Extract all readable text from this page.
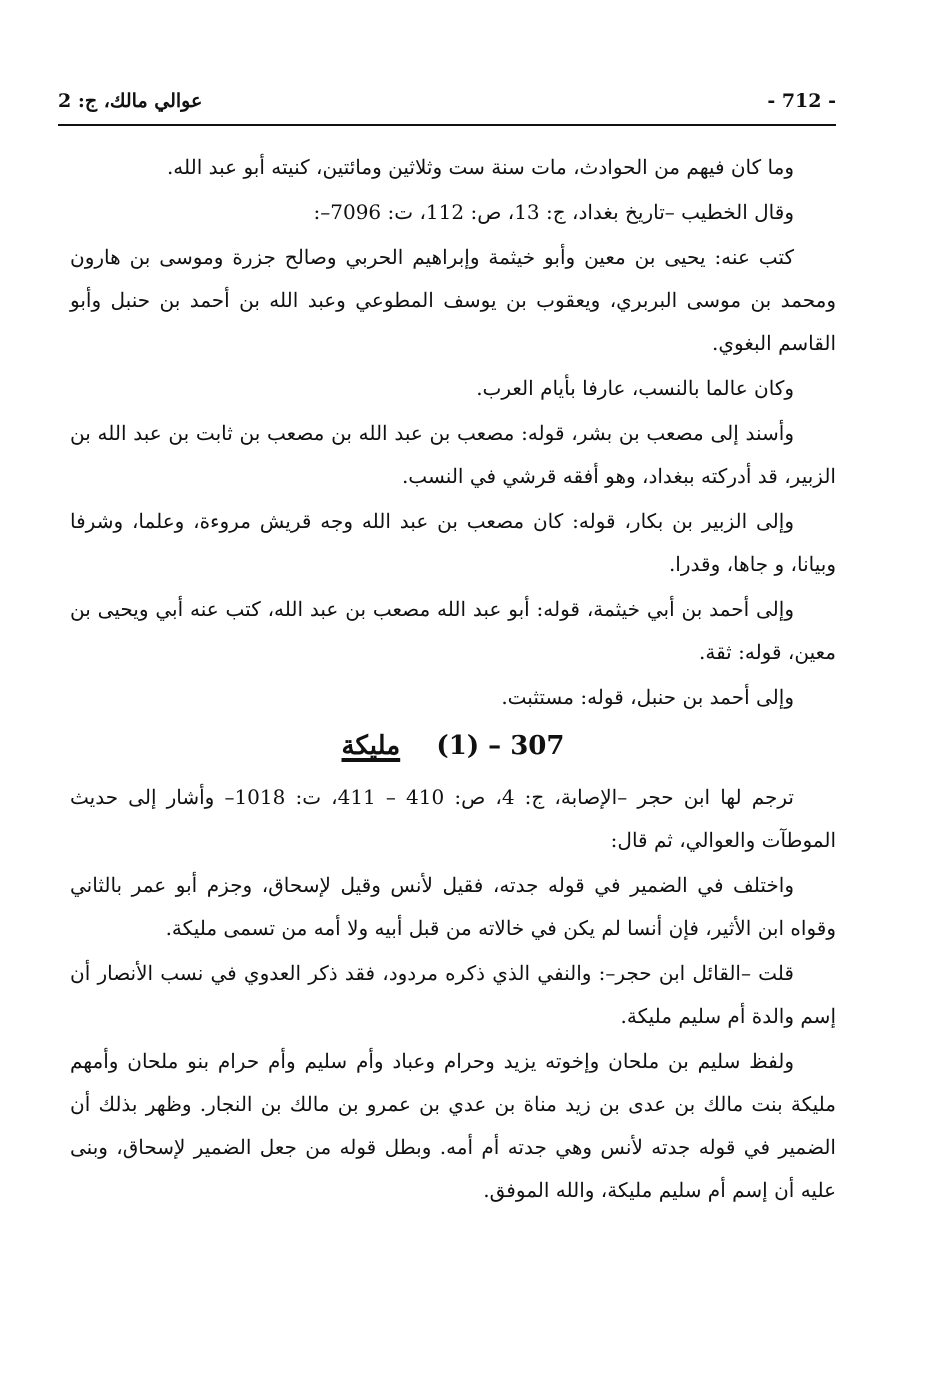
عوالي مالك، ج: 2	- 712 -

وما كان فيهم من الحوادث، مات سنة ست وثلاثين ومائتين، كنيته أبو عبد الله.

وقال الخطيب –تاريخ بغداد، ج: 13، ص: 112، ت: 7096–:

كتب عنه: يحيى بن معين وأبو خيثمة وإبراهيم الحربي وصالح جزرة وموسى بن هارون ومحمد بن موسى البربري، ويعقوب بن يوسف المطوعي وعبد الله بن أحمد بن حنبل وأبو القاسم البغوي.

وكان عالما بالنسب، عارفا بأيام العرب.

وأسند إلى مصعب بن بشر، قوله: مصعب بن عبد الله بن مصعب بن ثابت بن عبد الله بن الزبير، قد أدركته ببغداد، وهو أفقه قرشي في النسب.

وإلى الزبير بن بكار، قوله: كان مصعب بن عبد الله وجه قريش مروءة، وعلما، وشرفا وبيانا، و جاها، وقدرا.

وإلى أحمد بن أبي خيثمة، قوله: أبو عبد الله مصعب بن عبد الله، كتب عنه أبي ويحيى بن معين، قوله: ثقة.

وإلى أحمد بن حنبل، قوله: مستثبت.

307 – (1)    مليكة

ترجم لها ابن حجر –الإصابة، ج: 4، ص: 410 – 411، ت: 1018– وأشار إلى حديث الموطآت والعوالي، ثم قال:

واختلف في الضمير في قوله جدته، فقيل لأنس وقيل لإسحاق، وجزم أبو عمر بالثاني وقواه ابن الأثير، فإن أنسا لم يكن في خالاته من قبل أبيه ولا أمه من تسمى مليكة.

قلت –القائل ابن حجر–: والنفي الذي ذكره مردود، فقد ذكر العدوي في نسب الأنصار أن إسم والدة أم سليم مليكة.

ولفظ سليم بن ملحان وإخوته يزيد وحرام وعباد وأم سليم وأم حرام بنو ملحان وأمهم مليكة بنت مالك بن عدى بن زيد مناة بن عدي بن عمرو بن مالك بن النجار. وظهر بذلك أن الضمير في قوله جدته لأنس وهي جدته أم أمه. وبطل قوله من جعل الضمير لإسحاق، وبنى عليه أن إسم أم سليم مليكة، والله الموفق.
